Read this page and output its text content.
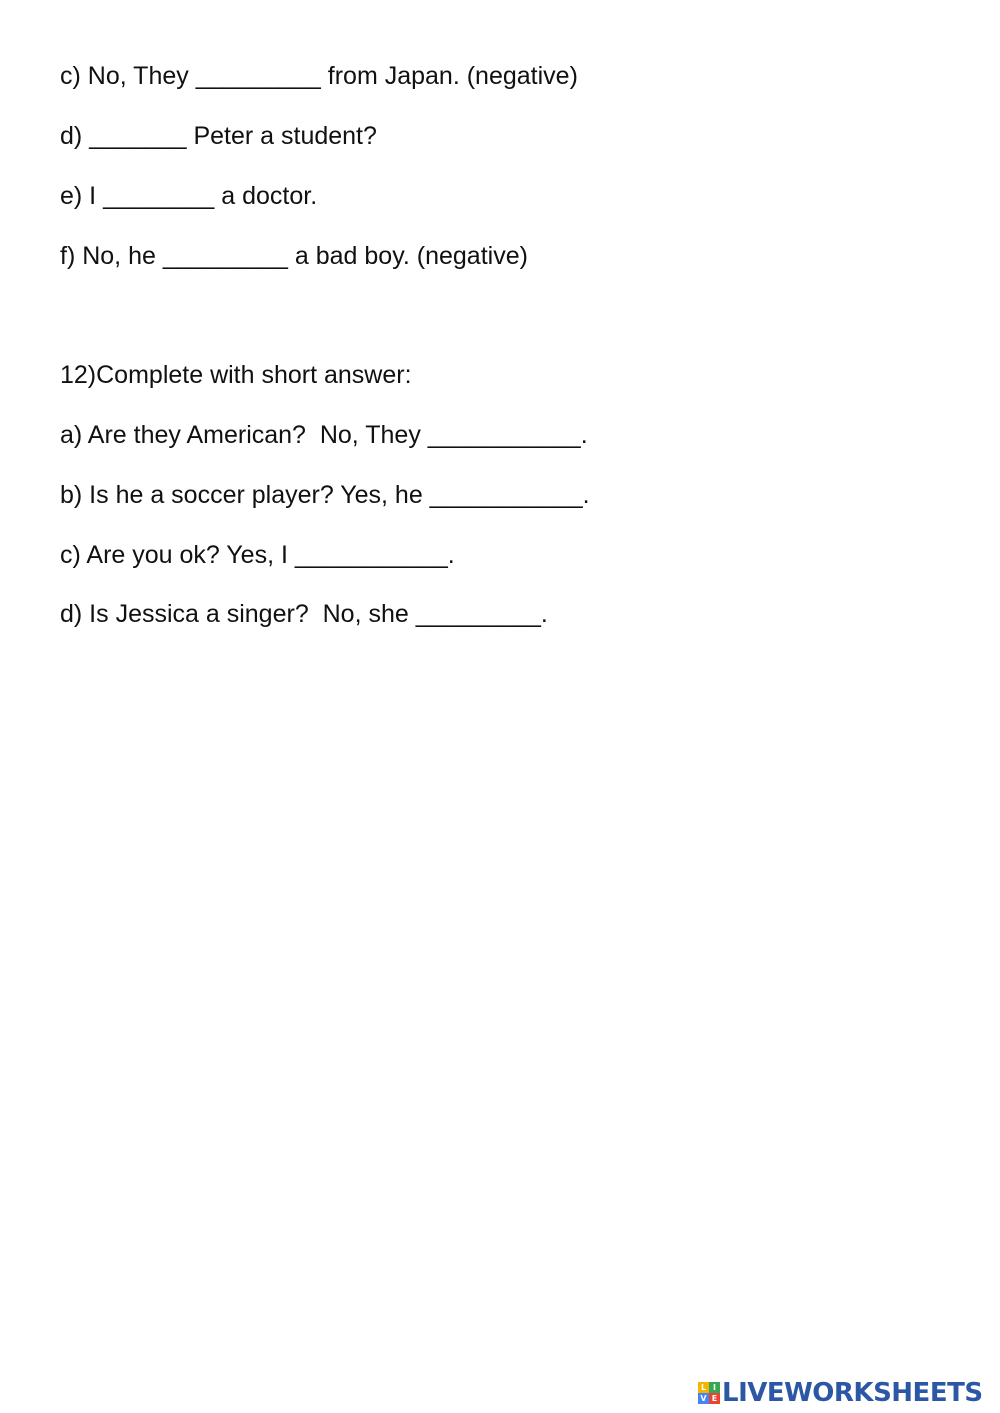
c) No, They _________ from Japan. (negative)

d) _______ Peter a student?

e) I ________ a doctor.

f) No, he _________ a bad boy. (negative)

12)Complete with short answer:

a) Are they American?  No, They ___________.

b) Is he a soccer player? Yes, he ___________.

c) Are you ok? Yes, I ___________.

d) Is Jessica a singer?  No, she _________.

L I
V E LIVEWORKSHEETS
